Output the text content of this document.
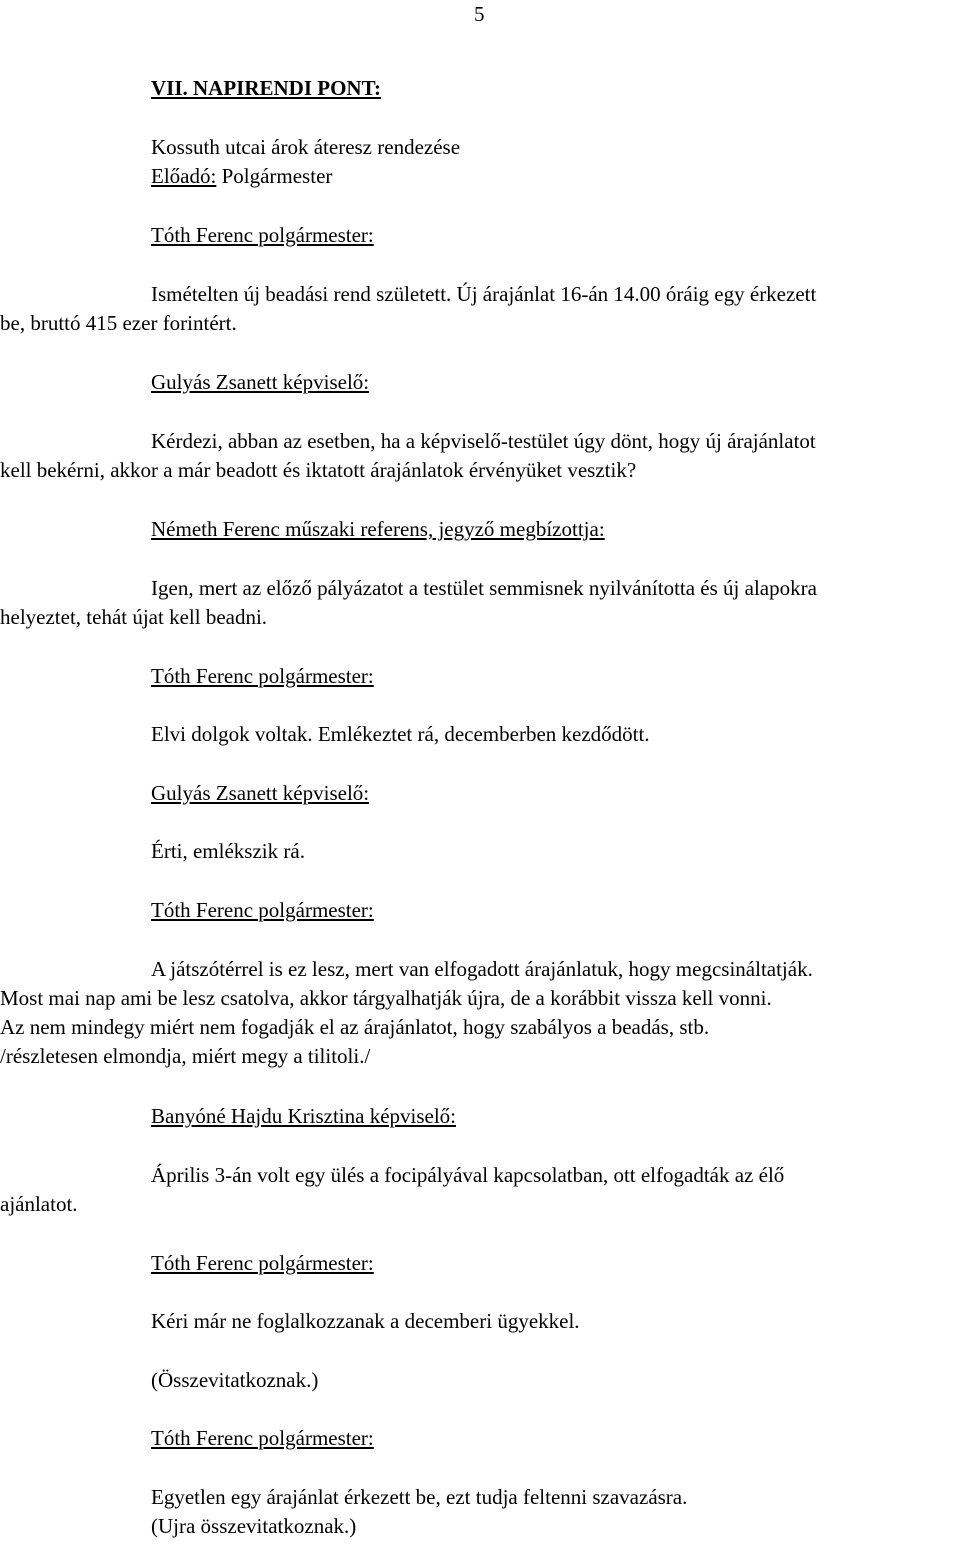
5
VII. NAPIRENDI PONT:
Kossuth utcai árok áteresz rendezése
Előadó: Polgármester
Tóth Ferenc polgármester:
Ismételten új beadási rend született. Új árajánlat 16-án 14.00 óráig egy érkezett
be, bruttó 415 ezer forintért.
Gulyás Zsanett képviselő:
Kérdezi, abban az esetben, ha a képviselő-testület úgy dönt, hogy új árajánlatot
kell bekérni, akkor a már beadott és iktatott árajánlatok érvényüket vesztik?
Németh Ferenc műszaki referens, jegyző megbízottja:
Igen, mert az előző pályázatot a testület semmisnek nyilvánította és új alapokra
helyeztet, tehát újat kell beadni.
Tóth Ferenc polgármester:
Elvi dolgok voltak. Emlékeztet rá, decemberben kezdődött.
Gulyás Zsanett képviselő:
Érti, emlékszik rá.
Tóth Ferenc polgármester:
A játszótérrel is ez lesz, mert van elfogadott árajánlatuk, hogy megcsináltatják.
Most mai nap ami be lesz csatolva, akkor tárgyalhatják újra, de a korábbit vissza kell vonni.
Az nem mindegy miért nem fogadják el az árajánlatot, hogy szabályos a beadás, stb.
/részletesen elmondja, miért megy a tilitoli./
Banyóné Hajdu Krisztina képviselő:
Április 3-án volt egy ülés a focipályával kapcsolatban, ott elfogadták az élő
ajánlatot.
Tóth Ferenc polgármester:
Kéri már ne foglalkozzanak a decemberi ügyekkel.
(Összevitatkoznak.)
Tóth Ferenc polgármester:
Egyetlen egy árajánlat érkezett be, ezt tudja feltenni szavazásra.
(Ujra összevitatkoznak.)
